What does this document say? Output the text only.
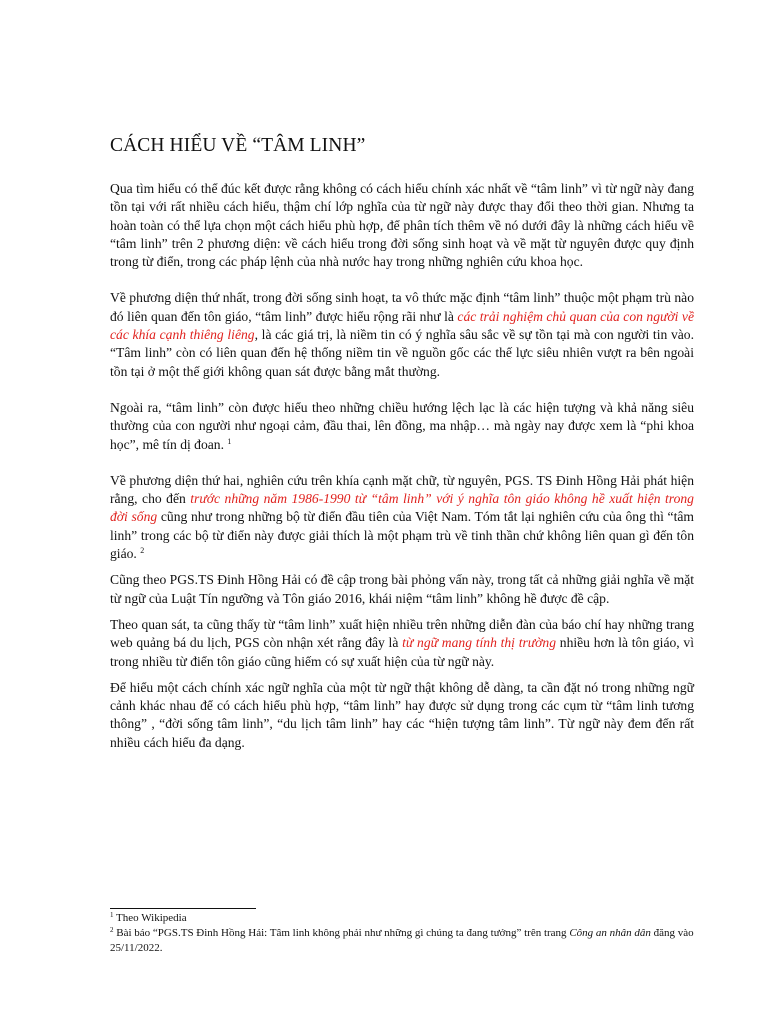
CÁCH HIỂU VỀ “TÂM LINH”

Qua tìm hiểu có thể đúc kết được rằng không có cách hiểu chính xác nhất về “tâm linh” vì từ ngữ này đang tồn tại với rất nhiều cách hiểu, thậm chí lớp nghĩa của từ ngữ này được thay đổi theo thời gian. Nhưng ta hoàn toàn có thể lựa chọn một cách hiểu phù hợp, để phân tích thêm về nó dưới đây là những cách hiểu về “tâm linh” trên 2 phương diện: về cách hiểu trong đời sống sinh hoạt và về mặt từ nguyên được quy định trong từ điển, trong các pháp lệnh của nhà nước hay trong những nghiên cứu khoa học.

Về phương diện thứ nhất, trong đời sống sinh hoạt, ta vô thức mặc định “tâm linh” thuộc một phạm trù nào đó liên quan đến tôn giáo, “tâm linh” được hiểu rộng rãi như là các trải nghiệm chủ quan của con người về các khía cạnh thiêng liêng, là các giá trị, là niềm tin có ý nghĩa sâu sắc về sự tồn tại mà con người tin vào. “Tâm linh” còn có liên quan đến hệ thống niềm tin về nguồn gốc các thế lực siêu nhiên vượt ra bên ngoài tồn tại ở một thế giới không quan sát được bằng mắt thường.

Ngoài ra, “tâm linh” còn được hiểu theo những chiều hướng lệch lạc là các hiện tượng và khả năng siêu thường của con người như ngoại cảm, đầu thai, lên đồng, ma nhập… mà ngày nay được xem là “phi khoa học”, mê tín dị đoan. $^1$

Về phương diện thứ hai, nghiên cứu trên khía cạnh mặt chữ, từ nguyên, PGS. TS Đinh Hồng Hải phát hiện rằng, cho đến trước những năm 1986-1990 từ “tâm linh” với ý nghĩa tôn giáo không hề xuất hiện trong đời sống cũng như trong những bộ từ điển đầu tiên của Việt Nam. Tóm tắt lại nghiên cứu của ông thì “tâm linh” trong các bộ từ điển này được giải thích là một phạm trù về tinh thần chứ không liên quan gì đến tôn giáo. $^2$

Cũng theo PGS.TS Đinh Hồng Hải có đề cập trong bài phỏng vấn này, trong tất cả những giải nghĩa về mặt từ ngữ của Luật Tín ngưỡng và Tôn giáo 2016, khái niệm “tâm linh” không hề được đề cập.

Theo quan sát, ta cũng thấy từ “tâm linh” xuất hiện nhiều trên những diễn đàn của báo chí hay những trang web quảng bá du lịch, PGS còn nhận xét rằng đây là từ ngữ mang tính thị trường nhiều hơn là tôn giáo, vì trong nhiều từ điển tôn giáo cũng hiếm có sự xuất hiện của từ ngữ này.

Để hiểu một cách chính xác ngữ nghĩa của một từ ngữ thật không dễ dàng, ta cần đặt nó trong những ngữ cảnh khác nhau để có cách hiểu phù hợp, “tâm linh” hay được sử dụng trong các cụm từ “tâm linh tương thông” , “đời sống tâm linh”, “du lịch tâm linh” hay các “hiện tượng tâm linh”. Từ ngữ này đem đến rất nhiều cách hiểu đa dạng.

$^1$ Theo Wikipedia

$^2$ Bài báo “PGS.TS Đinh Hồng Hải: Tâm linh không phải như những gì chúng ta đang tưởng” trên trang Công an nhân dân đăng vào 25/11/2022.
